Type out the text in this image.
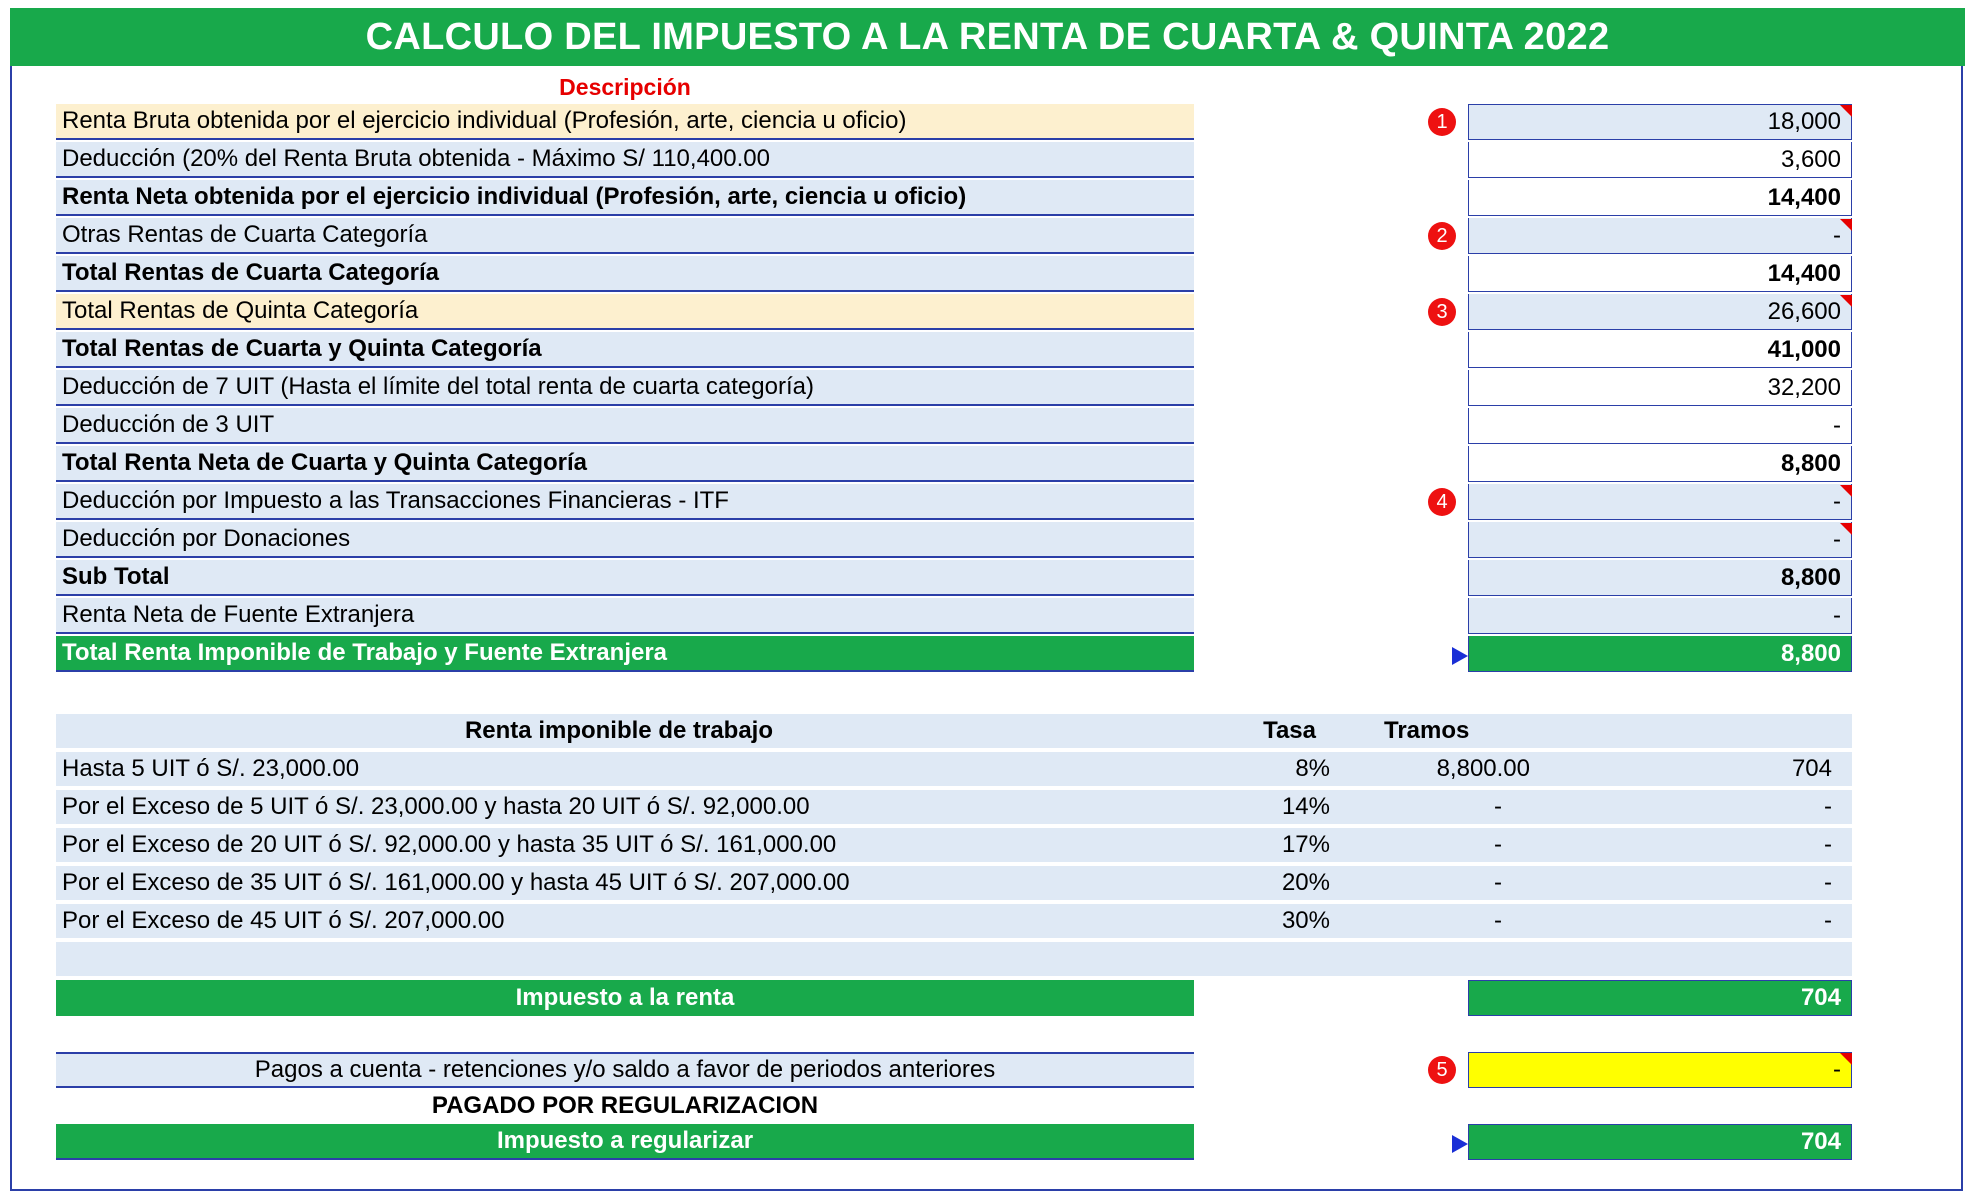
CALCULO DEL IMPUESTO A LA RENTA DE CUARTA & QUINTA 2022
Descripción
Renta Bruta obtenida por el ejercicio individual (Profesión, arte, ciencia u oficio)	1	18,000
Deducción (20% del Renta Bruta obtenida - Máximo S/ 110,400.00	3,600
Renta Neta obtenida por el ejercicio individual (Profesión, arte, ciencia u oficio)	14,400
Otras Rentas de Cuarta Categoría	2	-
Total Rentas de Cuarta Categoría	14,400
Total Rentas de Quinta Categoría	3	26,600
Total Rentas de Cuarta y Quinta Categoría	41,000
Deducción de 7 UIT (Hasta el límite del total renta de cuarta categoría)	32,200
Deducción de 3 UIT	-
Total Renta Neta de Cuarta y Quinta Categoría	8,800
Deducción por Impuesto a las Transacciones Financieras - ITF	4	-
Deducción por Donaciones	-
Sub Total	8,800
Renta Neta de Fuente Extranjera	-
Total Renta Imponible de Trabajo y Fuente Extranjera	8,800
Renta imponible de trabajo	Tasa	Tramos
Hasta 5 UIT ó S/. 23,000.00	8%	8,800.00	704
Por el Exceso de 5 UIT ó S/. 23,000.00 y hasta 20 UIT ó S/. 92,000.00	14%	-	-
Por el Exceso de 20 UIT ó S/. 92,000.00 y hasta 35 UIT ó S/. 161,000.00	17%	-	-
Por el Exceso de 35 UIT ó S/. 161,000.00 y hasta 45 UIT ó S/. 207,000.00	20%	-	-
Por el Exceso de 45 UIT ó S/. 207,000.00	30%	-	-
Impuesto a la renta	704
Pagos a cuenta - retenciones y/o saldo a favor de periodos anteriores	5	-
PAGADO POR REGULARIZACION
Impuesto a regularizar	704
